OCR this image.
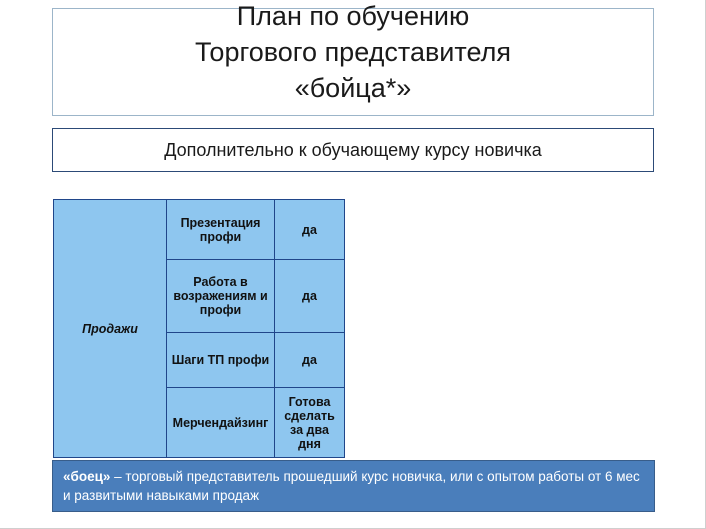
План по обучению
Торгового представителя
«бойца*»
Дополнительно к обучающему курсу новичка
Продажи	Презентация профи	да
	Работа в возражениям и профи	да
	Шаги ТП профи	да
	Мерчендайзинг	Готова сделать за два дня
«боец» – торговый представитель прошедший курс новичка, или с опытом работы от 6 мес и развитыми навыками продаж
